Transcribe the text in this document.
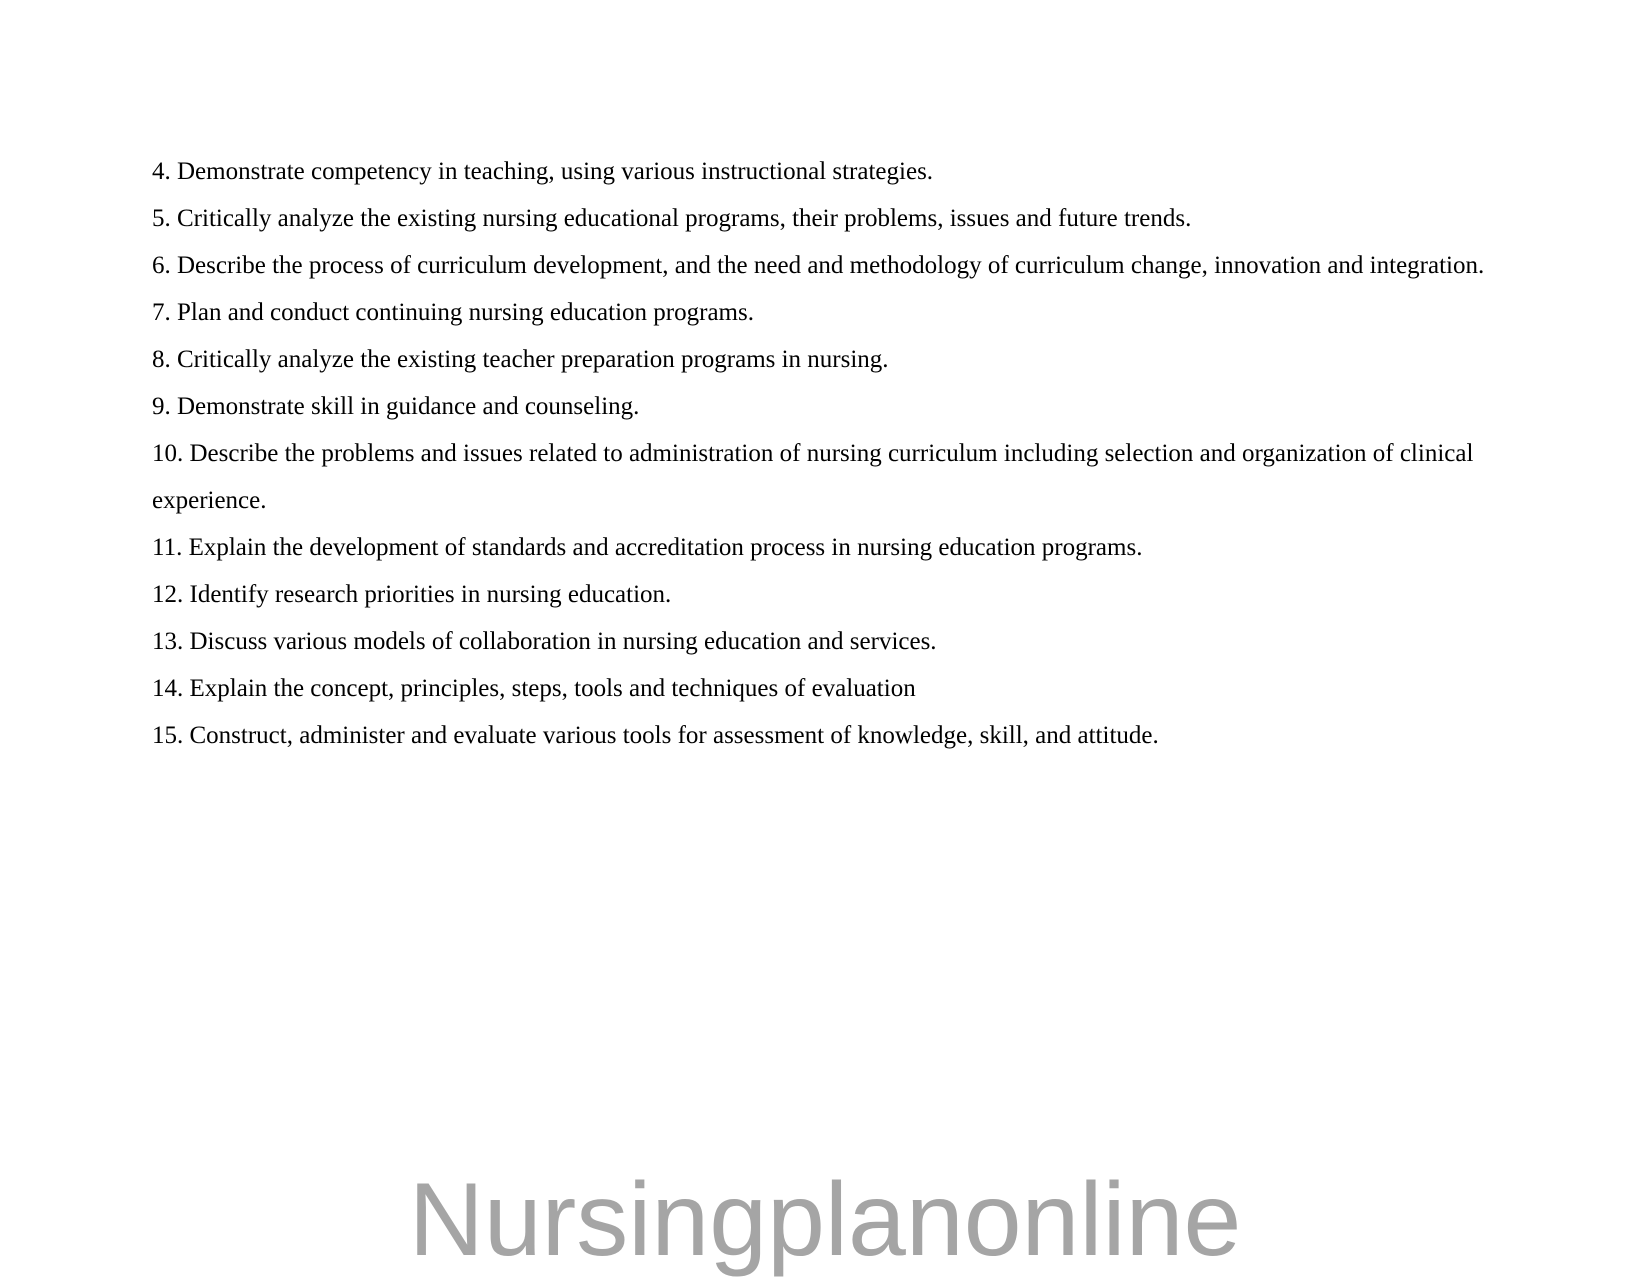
4. Demonstrate competency in teaching, using various instructional strategies.

5. Critically analyze the existing nursing educational programs, their problems, issues and future trends.

6. Describe the process of curriculum development, and the need and methodology of curriculum change, innovation and integration.

7. Plan and conduct continuing nursing education programs.

8. Critically analyze the existing teacher preparation programs in nursing.

9. Demonstrate skill in guidance and counseling.

10. Describe the problems and issues related to administration of nursing curriculum including selection and organization of clinical experience.

11. Explain the development of standards and accreditation process in nursing education programs.

12. Identify research priorities in nursing education.

13. Discuss various models of collaboration in nursing education and services.

14. Explain the concept, principles, steps, tools and techniques of evaluation

15. Construct, administer and evaluate various tools for assessment of knowledge, skill, and attitude.

Nursingplanonline
